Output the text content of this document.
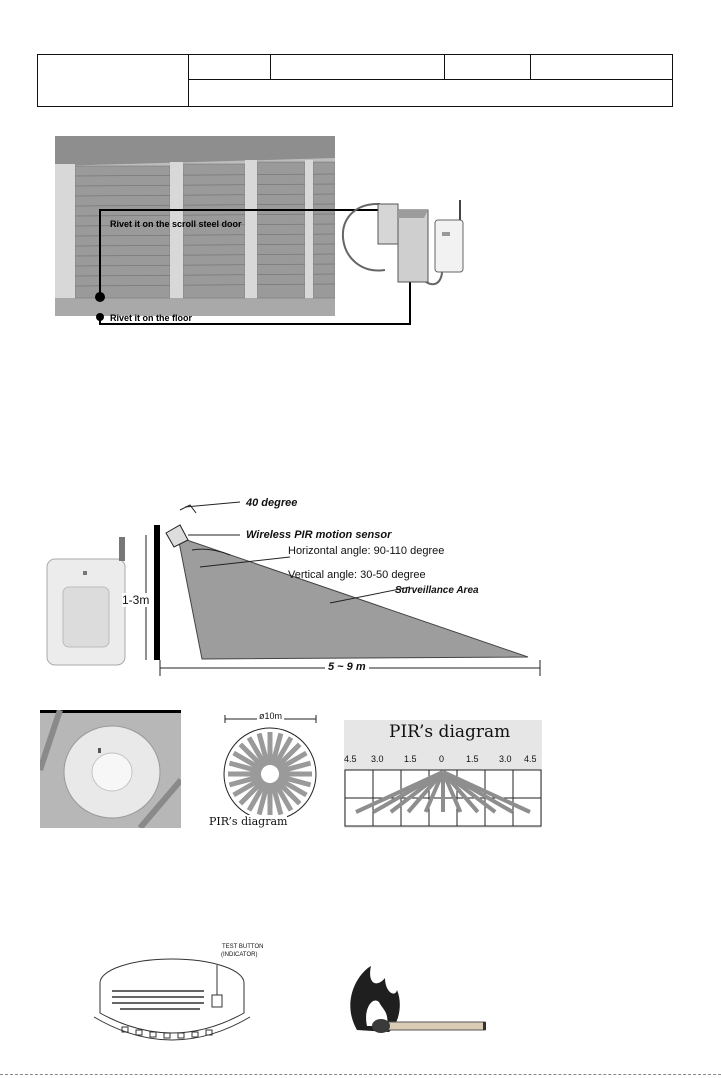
Rivet it on the scroll steel door
Rivet it on the floor
40 degree
Wireless PIR motion sensor
Horizontal angle: 90-110 degree
Vertical angle: 30-50 degree
Surveillance Area
1-3m
5 ~ 9 m
ø10m
PIR’s diagram
PIR’s diagram
4.5 3.0 1.5 0 1.5 3.0 4.5
TEST BUTTON
(INDICATOR)
